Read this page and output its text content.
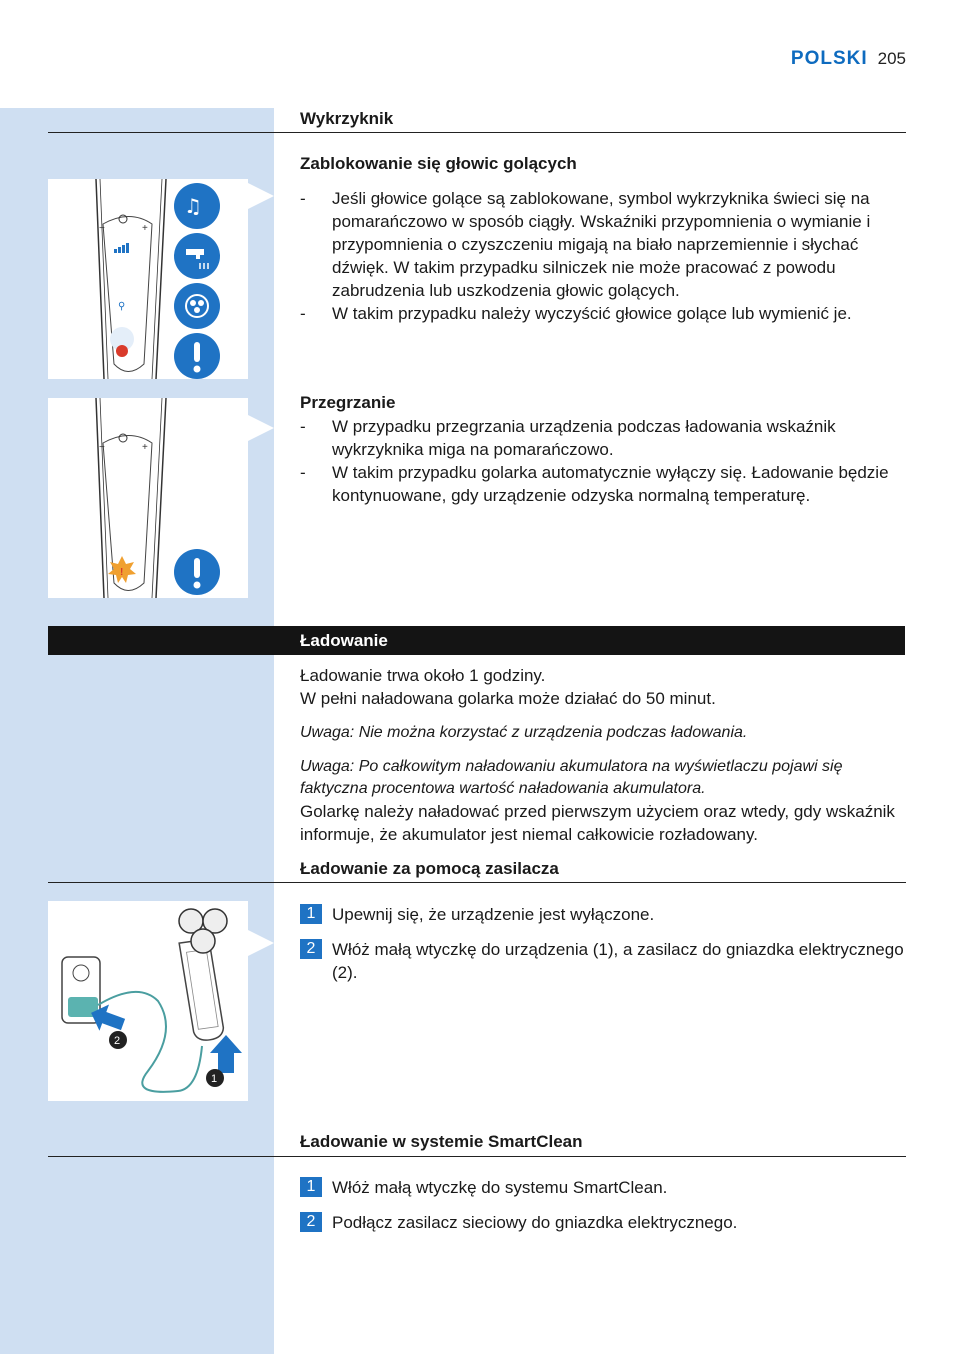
POLSKI 205
Wykrzyknik
Zablokowanie się głowic golących

- Jeśli głowice golące są zablokowane, symbol wykrzyknika świeci się na pomarańczowo w sposób ciągły. Wskaźniki przypomnienia o wymianie i przypomnienia o czyszczeniu migają na biało naprzemiennie i słychać dźwięk. W takim przypadku silniczek nie może pracować z powodu zabrudzenia lub uszkodzenia głowic golących.

- W takim przypadku należy wyczyścić głowice golące lub wymienić je.

−	+
⚲
♫
Przegrzanie

- W przypadku przegrzania urządzenia podczas ładowania wskaźnik wykrzyknika miga na pomarańczowo.

- W takim przypadku golarka automatycznie wyłączy się. Ładowanie będzie kontynuowane, gdy urządzenie odzyska normalną temperaturę.

−	+
!
Ładowanie

Ładowanie trwa około 1 godziny.

W pełni naładowana golarka może działać do 50 minut.

Uwaga: Nie można korzystać z urządzenia podczas ładowania.

Uwaga: Po całkowitym naładowaniu akumulatora na wyświetlaczu pojawi się faktyczna procentowa wartość naładowania akumulatora.

Golarkę należy naładować przed pierwszym użyciem oraz wtedy, gdy wskaźnik informuje, że akumulator jest niemal całkowicie rozładowany.

Ładowanie za pomocą zasilacza
1 Upewnij się, że urządzenie jest wyłączone.
2 Włóż małą wtyczkę do urządzenia (1), a zasilacz do gniazdka elektrycznego (2).
2
1
Ładowanie w systemie SmartClean
1 Włóż małą wtyczkę do systemu SmartClean.
2 Podłącz zasilacz sieciowy do gniazdka elektrycznego.
